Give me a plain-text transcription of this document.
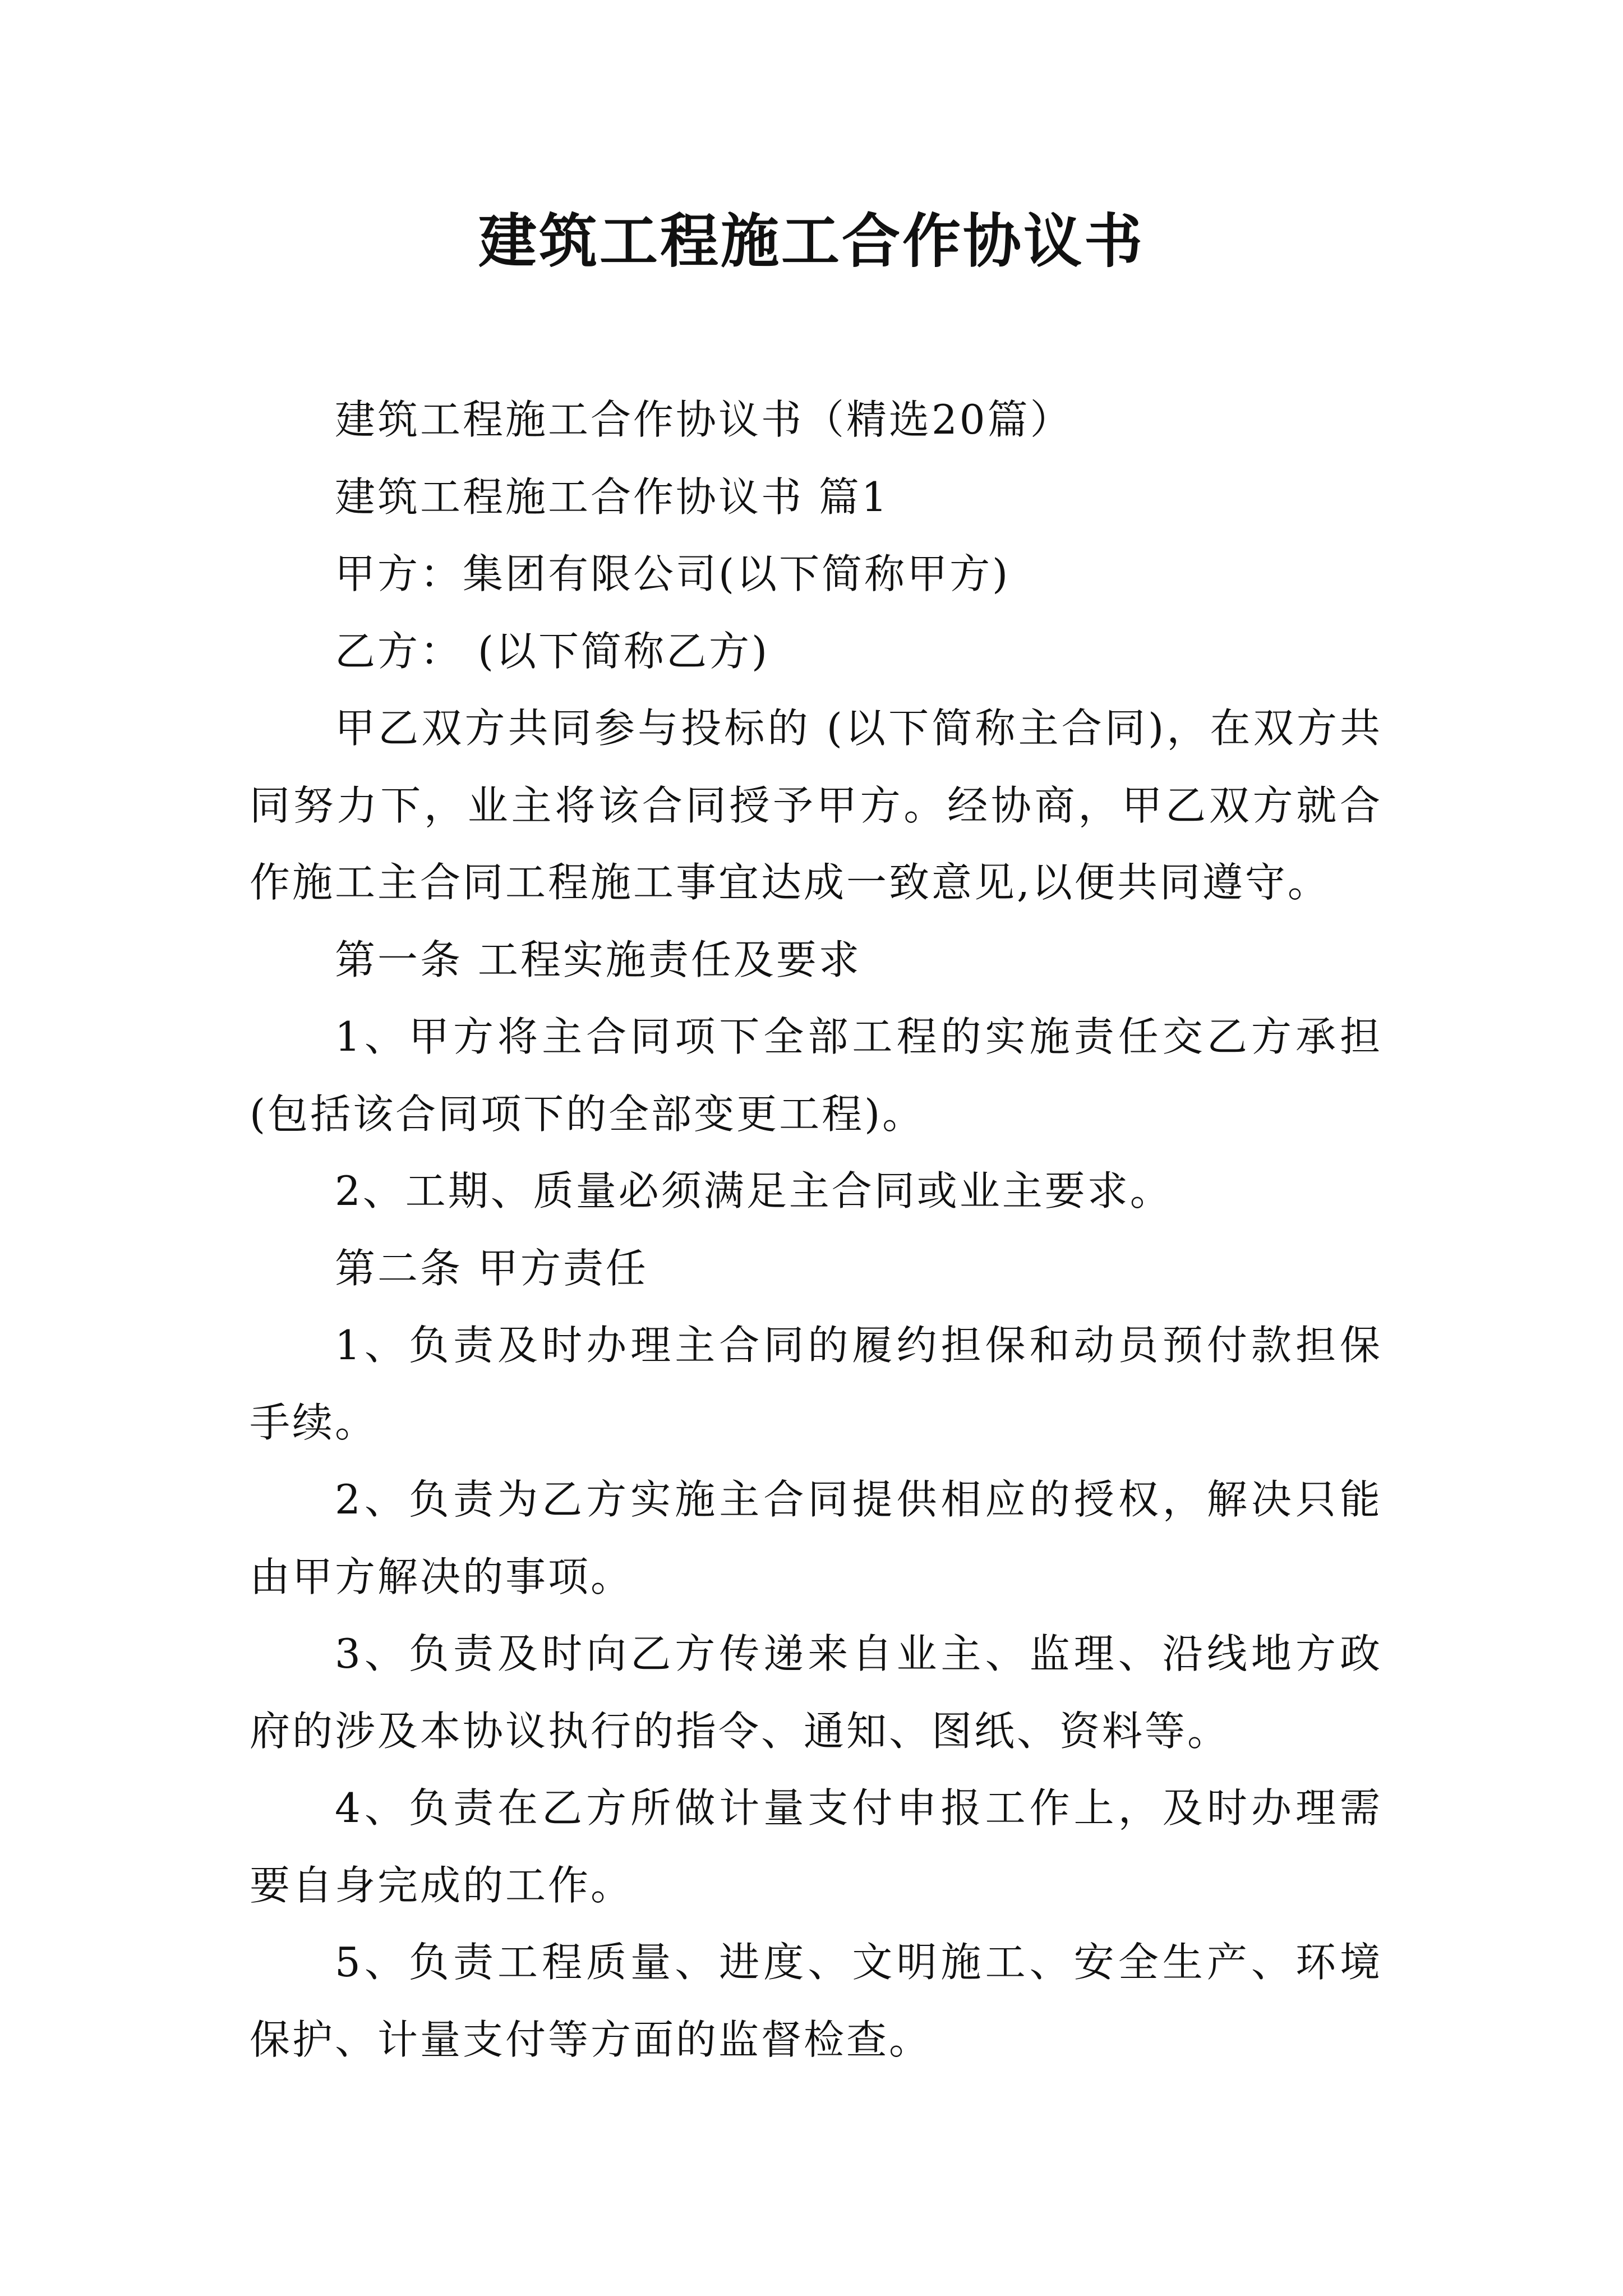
建筑工程施工合作协议书

建筑工程施工合作协议书（精选20篇）

建筑工程施工合作协议书 篇1

甲方：集团有限公司(以下简称甲方)

乙方： (以下简称乙方)

甲乙双方共同参与投标的 (以下简称主合同)，在双方共同努力下，业主将该合同授予甲方。经协商，甲乙双方就合作施工主合同工程施工事宜达成一致意见,以便共同遵守。

第一条 工程实施责任及要求

1、甲方将主合同项下全部工程的实施责任交乙方承担(包括该合同项下的全部变更工程)。

2、工期、质量必须满足主合同或业主要求。

第二条 甲方责任

1、负责及时办理主合同的履约担保和动员预付款担保手续。

2、负责为乙方实施主合同提供相应的授权，解决只能由甲方解决的事项。

3、负责及时向乙方传递来自业主、监理、沿线地方政府的涉及本协议执行的指令、通知、图纸、资料等。

4、负责在乙方所做计量支付申报工作上，及时办理需要自身完成的工作。

5、负责工程质量、进度、文明施工、安全生产、环境保护、计量支付等方面的监督检查。
